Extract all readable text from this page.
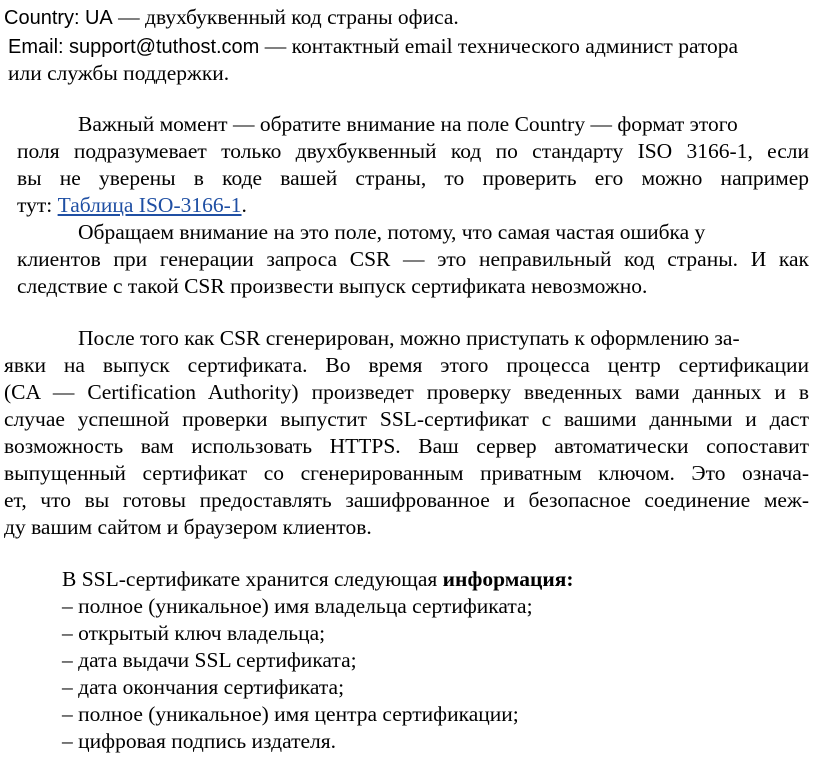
Country: UA — двухбуквенный код страны офиса.
Email: support@tuthost.com — контактный email технического админист ратора
или службы поддержки.
Важный момент — обратите внимание на поле Country — формат этого
поля подразумевает только двухбуквенный код по стандарту ISO 3166-1, если
вы не уверены в коде вашей страны, то проверить его можно например
тут: Таблица ISO-3166-1.
Обращаем внимание на это поле, потому, что самая частая ошибка у
клиентов при генерации запроса CSR — это неправильный код страны. И как
следствие с такой CSR произвести выпуск сертификата невозможно.
После того как CSR сгенерирован, можно приступать к оформлению за-
явки на выпуск сертификата. Во время этого процесса центр сертификации
(CA — Certification Authority) произведет проверку введенных вами данных и в
случае успешной проверки выпустит SSL-сертификат с вашими данными и даст
возможность вам использовать HTTPS. Ваш сервер автоматически сопоставит
выпущенный сертификат со сгенерированным приватным ключом. Это означа-
ет, что вы готовы предоставлять зашифрованное и безопасное соединение меж-
ду вашим сайтом и браузером клиентов.
В SSL-сертификате хранится следующая информация:
– полное (уникальное) имя владельца сертификата;
– открытый ключ владельца;
– дата выдачи SSL сертификата;
– дата окончания сертификата;
– полное (уникальное) имя центра сертификации;
– цифровая подпись издателя.
